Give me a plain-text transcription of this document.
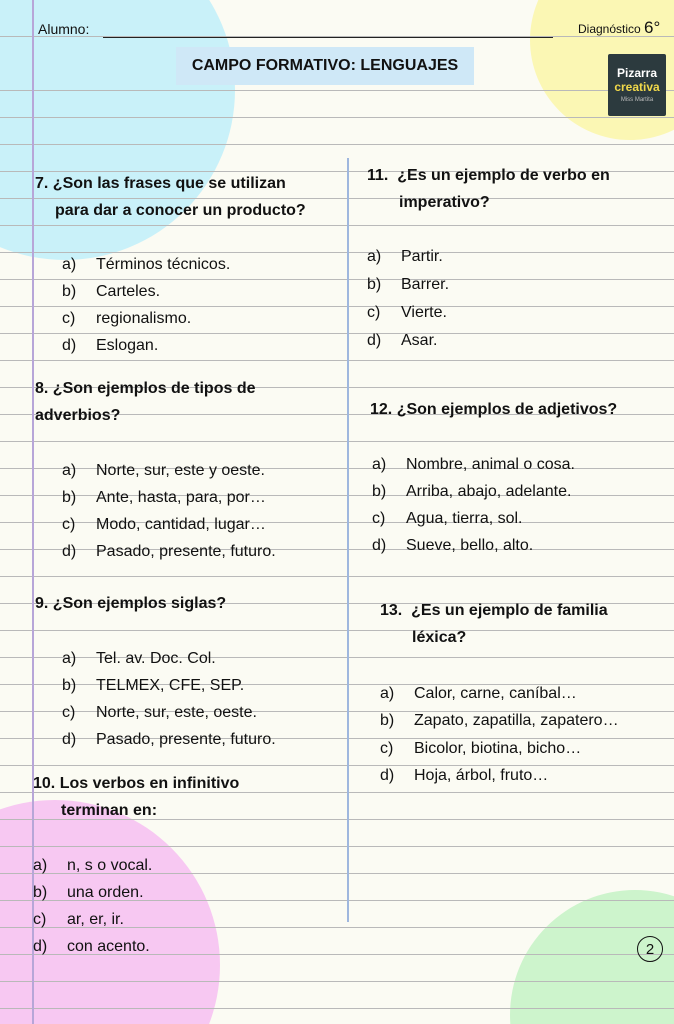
Alumno:	Diagnóstico 6°
CAMPO FORMATIVO: LENGUAJES	Pizarra
creativa
Miss Martita
7. ¿Son las frases que se utilizan
para dar a conocer un producto?
a) Términos técnicos.
b) Carteles.
c) regionalismo.
d) Eslogan.
8. ¿Son ejemplos de tipos de
adverbios?
a) Norte, sur, este y oeste.
b) Ante, hasta, para, por…
c) Modo, cantidad, lugar…
d) Pasado, presente, futuro.
9. ¿Son ejemplos siglas?
a) Tel. av. Doc. Col.
b) TELMEX, CFE, SEP.
c) Norte, sur, este, oeste.
d) Pasado, presente, futuro.
10. Los verbos en infinitivo
terminan en:
a) n, s o vocal.
b) una orden.
c) ar, er, ir.
d) con acento.
11.  ¿Es un ejemplo de verbo en
imperativo?
a) Partir.
b) Barrer.
c) Vierte.
d) Asar.
12. ¿Son ejemplos de adjetivos?
a) Nombre, animal o cosa.
b) Arriba, abajo, adelante.
c) Agua, tierra, sol.
d) Sueve, bello, alto.
13.  ¿Es un ejemplo de familia
léxica?
a) Calor, carne, caníbal…
b) Zapato, zapatilla, zapatero…
c) Bicolor, biotina, bicho…
d) Hoja, árbol, fruto…
2
